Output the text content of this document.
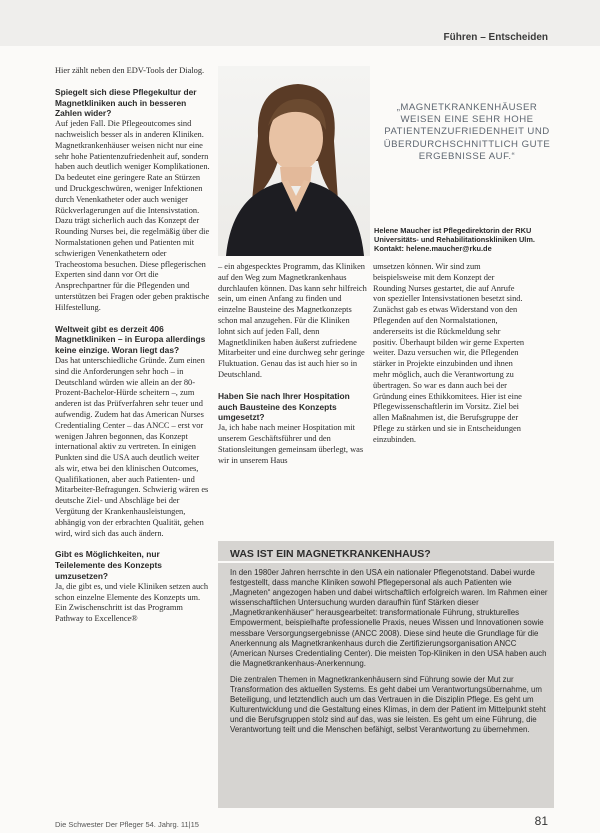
Führen – Entscheiden

Hier zählt neben den EDV-Tools der Dialog.

Spiegelt sich diese Pflegekultur der Magnetkliniken auch in besseren Zahlen wider?

Auf jeden Fall. Die Pflegeoutcomes sind nachweislich besser als in anderen Kliniken. Magnetkrankenhäuser weisen nicht nur eine sehr hohe Patientenzufriedenheit auf, sondern haben auch deutlich weniger Komplikationen. Da bedeutet eine geringere Rate an Stürzen und Druckgeschwüren, weniger Infektionen durch Venenkatheter oder auch weniger Rückverlagerungen auf die Intensivstation. Dazu trägt sicherlich auch das Konzept der Rounding Nurses bei, die regelmäßig über die Normalstationen gehen und Patienten mit schwierigen Venenkathetern oder Tracheostoma besuchen. Diese pflegerischen Experten sind dann vor Ort die Ansprechpartner für die Pflegenden und unterstützen bei Fragen oder geben praktische Hilfestellung.

Weltweit gibt es derzeit 406 Magnetkliniken – in Europa allerdings keine einzige. Woran liegt das?

Das hat unterschiedliche Gründe. Zum einen sind die Anforderungen sehr hoch – in Deutschland würden wie allein an der 80-Prozent-Bachelor-Hürde scheitern –, zum anderen ist das Prüfverfahren sehr teuer und aufwendig. Zudem hat das American Nurses Credentialing Center – das ANCC – erst vor wenigen Jahren begonnen, das Konzept international aktiv zu vertreten. In einigen Punkten sind die USA auch deutlich weiter als wir, etwa bei den klinischen Outcomes, Qualifikationen, aber auch Patienten- und Mitarbeiter-Befragungen. Schwierig wären es deutsche Ziel- und Abschläge bei der Vergütung der Krankenhausleistungen, abhängig von der erbrachten Qualität, gehen wird, wird sich das auch ändern.

Gibt es Möglichkeiten, nur Teilelemente des Konzepts umzusetzen?

Ja, die gibt es, und viele Kliniken setzen auch schon einzelne Elemente des Konzepts um. Ein Zwischenschritt ist das Programm Pathway to Excellence®

„MAGNETKRANKENHÄUSER WEISEN EINE SEHR HOHE PATIENTENZUFRIEDENHEIT UND ÜBERDURCHSCHNITTLICH GUTE ERGEBNISSE AUF.“
Helene Maucher ist Pflegedirektorin der RKU Universitäts- und Rehabilitationskliniken Ulm. Kontakt: helene.maucher@rku.de

– ein abgespecktes Programm, das Kliniken auf den Weg zum Magnetkrankenhaus durchlaufen können. Das kann sehr hilfreich sein, um einen Anfang zu finden und einzelne Bausteine des Magnetkonzepts schon mal anzugehen. Für die Kliniken lohnt sich auf jeden Fall, denn Magnetkliniken haben äußerst zufriedene Mitarbeiter und eine durchweg sehr geringe Fluktuation. Genau das ist auch hier so in Deutschland.

Haben Sie nach Ihrer Hospitation auch Bausteine des Konzepts umgesetzt?

Ja, ich habe nach meiner Hospitation mit unserem Geschäftsführer und den Stationsleitungen gemeinsam überlegt, was wir in unserem Haus

umsetzen können. Wir sind zum beispielsweise mit dem Konzept der Rounding Nurses gestartet, die auf Anrufe von spezieller Intensivstationen besetzt sind. Zunächst gab es etwas Widerstand von den Pflegenden auf den Normalstationen, andererseits ist die Rückmeldung sehr positiv. Überhaupt bilden wir gerne Experten weiter. Dazu versuchen wir, die Pflegenden stärker in Projekte einzubinden und ihnen mehr möglich, auch die Verantwortung zu übertragen. So war es dann auch bei der Gründung eines Ethikkomitees. Hier ist eine Pflegewissenschaftlerin im Vorsitz. Ziel bei allen Maßnahmen ist, die Berufsgruppe der Pflege zu stärken und sie in Entscheidungen einzubinden.

WAS IST EIN MAGNETKRANKENHAUS?

In den 1980er Jahren herrschte in den USA ein nationaler Pflegenotstand. Dabei wurde festgestellt, dass manche Kliniken sowohl Pflegepersonal als auch Patienten wie „Magneten“ angezogen haben und dabei wirtschaftlich erfolgreich waren. Im Rahmen einer wissenschaftlichen Untersuchung wurden daraufhin fünf Stärken dieser „Magnetkrankenhäuser“ herausgearbeitet: transformationale Führung, strukturelles Empowerment, beispielhafte professionelle Praxis, neues Wissen und Innovationen sowie messbare Versorgungsergebnisse (ANCC 2008). Diese sind heute die Grundlage für die Anerkennung als Magnetkrankenhaus durch die Zertifizierungsorganisation ANCC (American Nurses Credentialing Center). Die meisten Top-Kliniken in den USA haben auch die Magnetkrankenhaus-Anerkennung.

Die zentralen Themen in Magnetkrankenhäusern sind Führung sowie der Mut zur Transformation des aktuellen Systems. Es geht dabei um Verantwortungsübernahme, um Beteiligung, und letztendlich auch um das Vertrauen in die Disziplin Pflege. Es geht um Kulturentwicklung und die Gestaltung eines Klimas, in dem der Patient im Mittelpunkt steht und die Berufsgruppen stolz sind auf das, was sie leisten. Es geht um eine Führung, die Verantwortung teilt und die Menschen befähigt, selbst Verantwortung zu übernehmen.

Die Schwester Der Pfleger 54. Jahrg. 11|15	81
